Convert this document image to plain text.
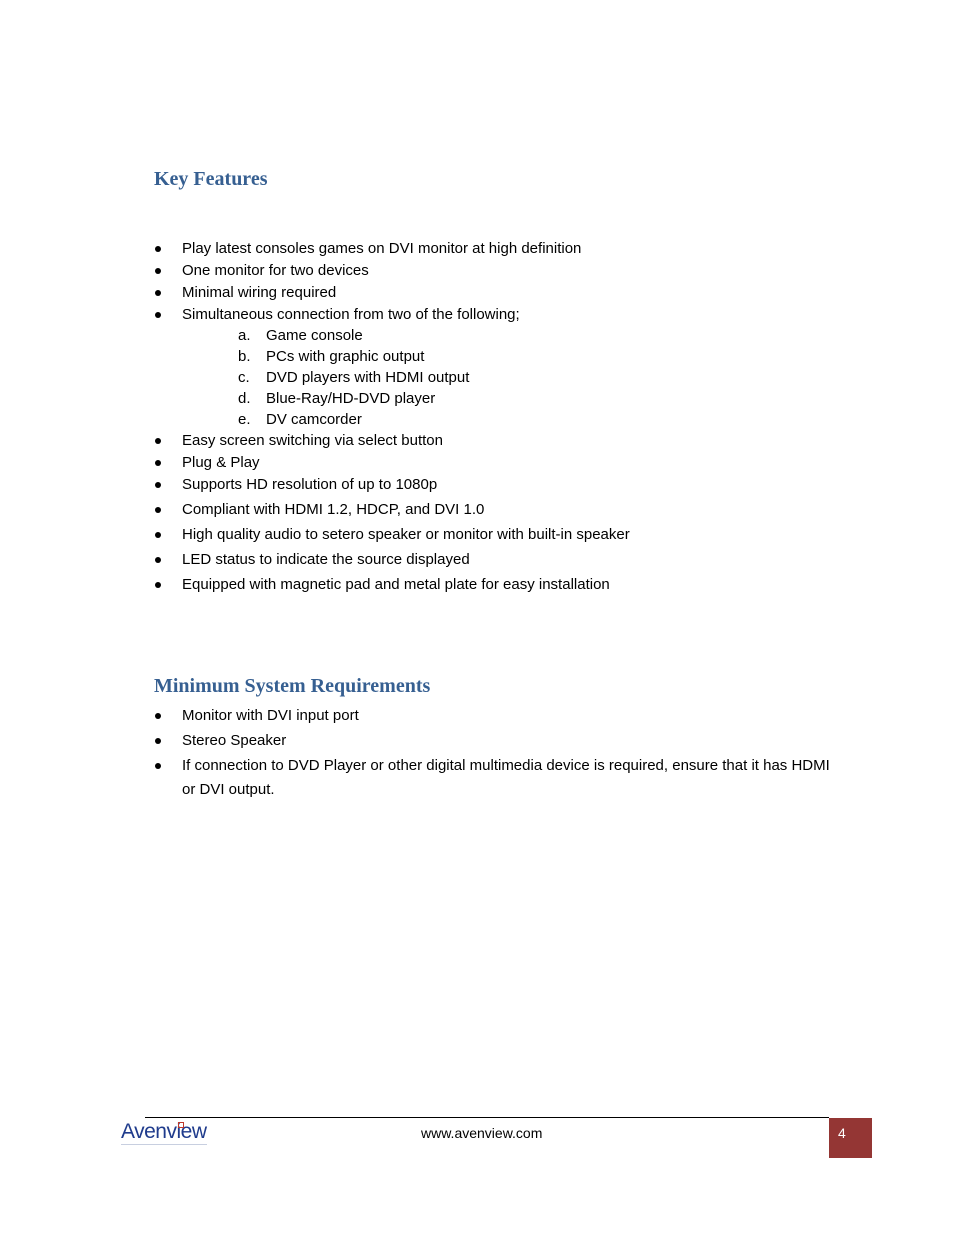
Key Features
Play latest consoles games on DVI monitor at high definition
One monitor for two devices
Minimal wiring required
Simultaneous connection from two of the following;
a. Game console
b. PCs with graphic output
c. DVD players with HDMI output
d. Blue-Ray/HD-DVD player
e. DV camcorder
Easy screen switching via select button
Plug & Play
Supports HD resolution of up to 1080p
Compliant with HDMI 1.2, HDCP, and DVI 1.0
High quality audio to setero speaker or monitor with built-in speaker
LED status to indicate the source displayed
Equipped with magnetic pad and metal plate for easy installation
Minimum System Requirements
Monitor with DVI input port
Stereo Speaker
If connection to DVD Player or other digital multimedia device is required, ensure that it has HDMI or DVI output.
Avenview	www.avenview.com	4
